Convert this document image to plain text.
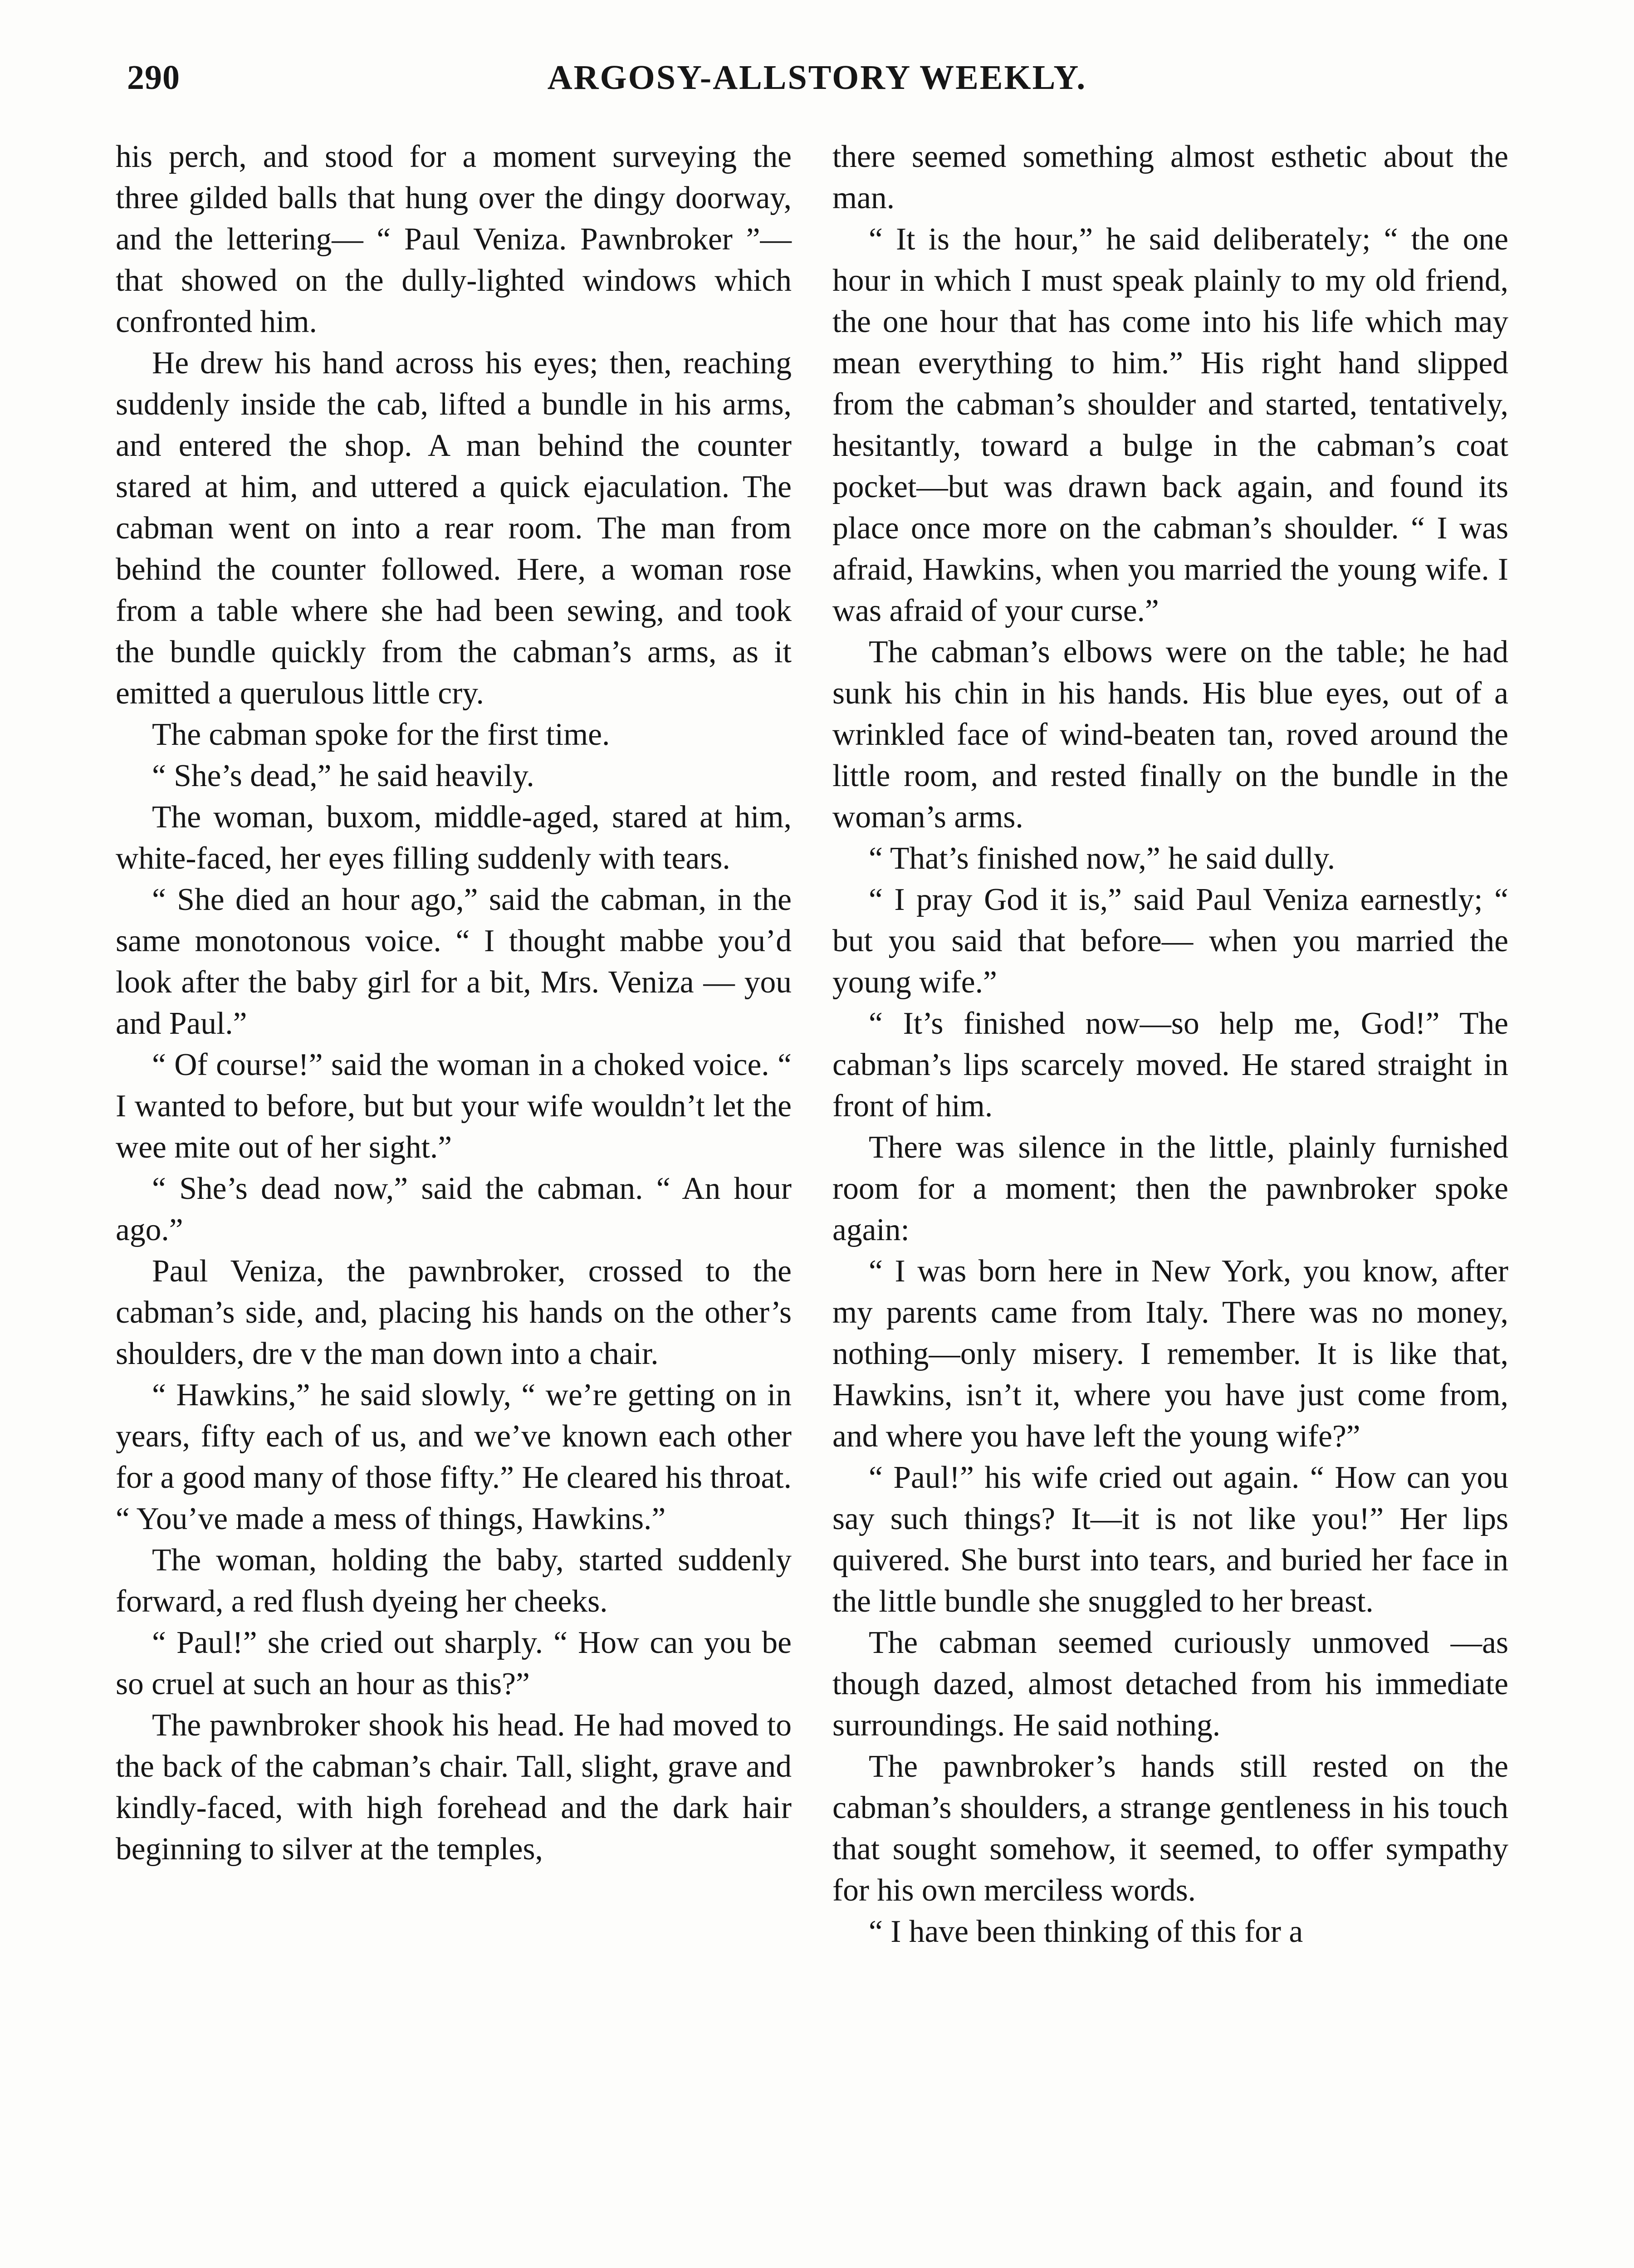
290	ARGOSY-ALLSTORY WEEKLY.

his perch, and stood for a moment surveying the three gilded balls that hung over the dingy doorway, and the lettering— “ Paul Veniza. Pawnbroker ”—that showed on the dully-lighted windows which confronted him.

He drew his hand across his eyes; then, reaching suddenly inside the cab, lifted a bundle in his arms, and entered the shop. A man behind the counter stared at him, and uttered a quick ejaculation. The cabman went on into a rear room. The man from behind the counter followed. Here, a woman rose from a table where she had been sewing, and took the bundle quickly from the cabman’s arms, as it emitted a querulous little cry.

The cabman spoke for the first time.

“ She’s dead,” he said heavily.

The woman, buxom, middle-aged, stared at him, white-faced, her eyes filling suddenly with tears.

“ She died an hour ago,” said the cabman, in the same monotonous voice. “ I thought mabbe you’d look after the baby girl for a bit, Mrs. Veniza — you and Paul.”

“ Of course!” said the woman in a choked voice. “ I wanted to before, but but your wife wouldn’t let the wee mite out of her sight.”

“ She’s dead now,” said the cabman. “ An hour ago.”

Paul Veniza, the pawnbroker, crossed to the cabman’s side, and, placing his hands on the other’s shoulders, dre v the man down into a chair.

“ Hawkins,” he said slowly, “ we’re getting on in years, fifty each of us, and we’ve known each other for a good many of those fifty.” He cleared his throat. “ You’ve made a mess of things, Hawkins.”

The woman, holding the baby, started suddenly forward, a red flush dyeing her cheeks.

“ Paul!” she cried out sharply. “ How can you be so cruel at such an hour as this?”

The pawnbroker shook his head. He had moved to the back of the cabman’s chair. Tall, slight, grave and kindly-faced, with high forehead and the dark hair beginning to silver at the temples,

there seemed something almost esthetic about the man.

“ It is the hour,” he said deliberately; “ the one hour in which I must speak plainly to my old friend, the one hour that has come into his life which may mean everything to him.” His right hand slipped from the cabman’s shoulder and started, tentatively, hesitantly, toward a bulge in the cabman’s coat pocket—but was drawn back again, and found its place once more on the cabman’s shoulder. “ I was afraid, Hawkins, when you married the young wife. I was afraid of your curse.”

The cabman’s elbows were on the table; he had sunk his chin in his hands. His blue eyes, out of a wrinkled face of wind-beaten tan, roved around the little room, and rested finally on the bundle in the woman’s arms.

“ That’s finished now,” he said dully.

“ I pray God it is,” said Paul Veniza earnestly; “ but you said that before— when you married the young wife.”

“ It’s finished now—so help me, God!” The cabman’s lips scarcely moved. He stared straight in front of him.

There was silence in the little, plainly furnished room for a moment; then the pawnbroker spoke again:

“ I was born here in New York, you know, after my parents came from Italy. There was no money, nothing—only misery. I remember. It is like that, Hawkins, isn’t it, where you have just come from, and where you have left the young wife?”

“ Paul!” his wife cried out again. “ How can you say such things? It—it is not like you!” Her lips quivered. She burst into tears, and buried her face in the little bundle she snuggled to her breast.

The cabman seemed curiously unmoved —as though dazed, almost detached from his immediate surroundings. He said nothing.

The pawnbroker’s hands still rested on the cabman’s shoulders, a strange gentleness in his touch that sought somehow, it seemed, to offer sympathy for his own merciless words.

“ I have been thinking of this for a
